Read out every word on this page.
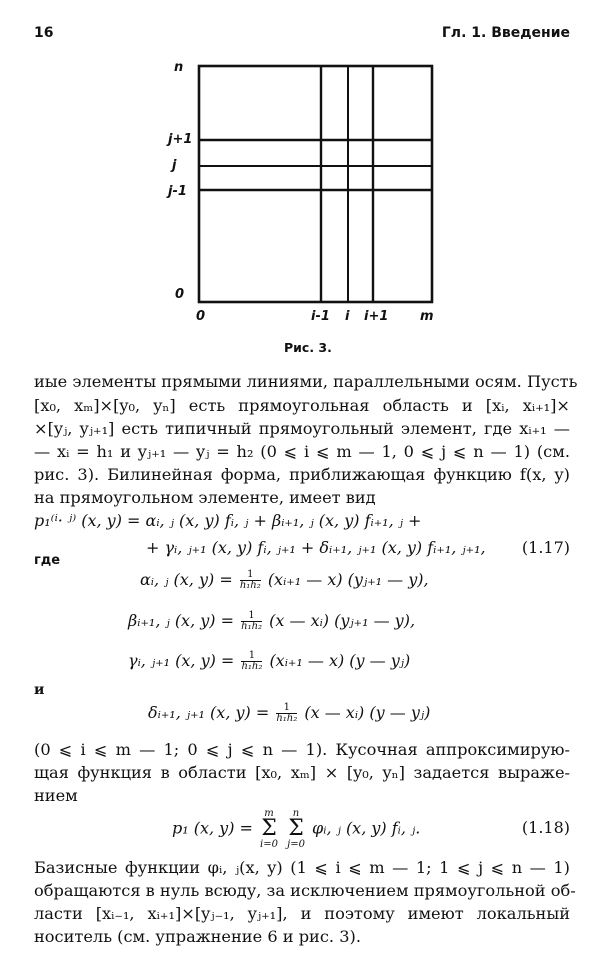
16	Гл. 1. Введение
n
j+1
j
j-1
0
0	i-1 i i+1 m
Рис. 3.
иые элементы прямыми линиями, параллельными осям. Пусть
[x₀, xₘ]×[y₀, yₙ] есть прямоугольная область и [xᵢ, xᵢ₊₁]×
×[yⱼ, yⱼ₊₁] есть типичный прямоугольный элемент, где xᵢ₊₁ —
— xᵢ = h₁ и yⱼ₊₁ — yⱼ = h₂ (0 ⩽ i ⩽ m — 1, 0 ⩽ j ⩽ n — 1) (см.
рис. 3). Билинейная форма, приближающая функцию f(x, y)
на прямоугольном элементе, имеет вид
p₁⁽ⁱ· ʲ⁾ (x, y) = αᵢ, ⱼ (x, y) fᵢ, ⱼ + βᵢ₊₁, ⱼ (x, y) fᵢ₊₁, ⱼ +
+ γᵢ, ⱼ₊₁ (x, y) fᵢ, ⱼ₊₁ + δᵢ₊₁, ⱼ₊₁ (x, y) fᵢ₊₁, ⱼ₊₁, (1.17)
где
αᵢ, ⱼ (x, $y) = \frac{1}{\text{h₁h₂}}$ (xᵢ₊₁ — x) (yⱼ₊₁ — y),
βᵢ₊₁, ⱼ (x, $y) = \frac{1}{\text{h₁h₂}} (x$ — xᵢ) (yⱼ₊₁ — y),
γᵢ, ⱼ₊₁ (x, $y) = \frac{1}{\text{h₁h₂}}$ (xᵢ₊₁ — x) (y — yⱼ)
и
δᵢ₊₁, ⱼ₊₁ (x, $y) = \frac{1}{\text{h₁h₂}} (x$ — xᵢ) (y — yⱼ)
(0 ⩽ i ⩽ m — 1; 0 ⩽ j ⩽ n — 1). Кусочная аппроксимирую-
щая функция в области [x₀, xₘ] × [y₀, yₙ] задается выраже-
нием
p₁ (x, y) = m
Σ
i=0 n
Σ
j=0 φᵢ, ⱼ (x, y) fᵢ, ⱼ.	(1.18)
Базисные функции φᵢ, ⱼ(x, y) (1 ⩽ i ⩽ m — 1; 1 ⩽ j ⩽ n — 1)
обращаются в нуль всюду, за исключением прямоугольной об-
ласти [xᵢ₋₁, xᵢ₊₁]×[yⱼ₋₁, yⱼ₊₁], и поэтому имеют локальный
носитель (см. упражнение 6 и рис. 3).
